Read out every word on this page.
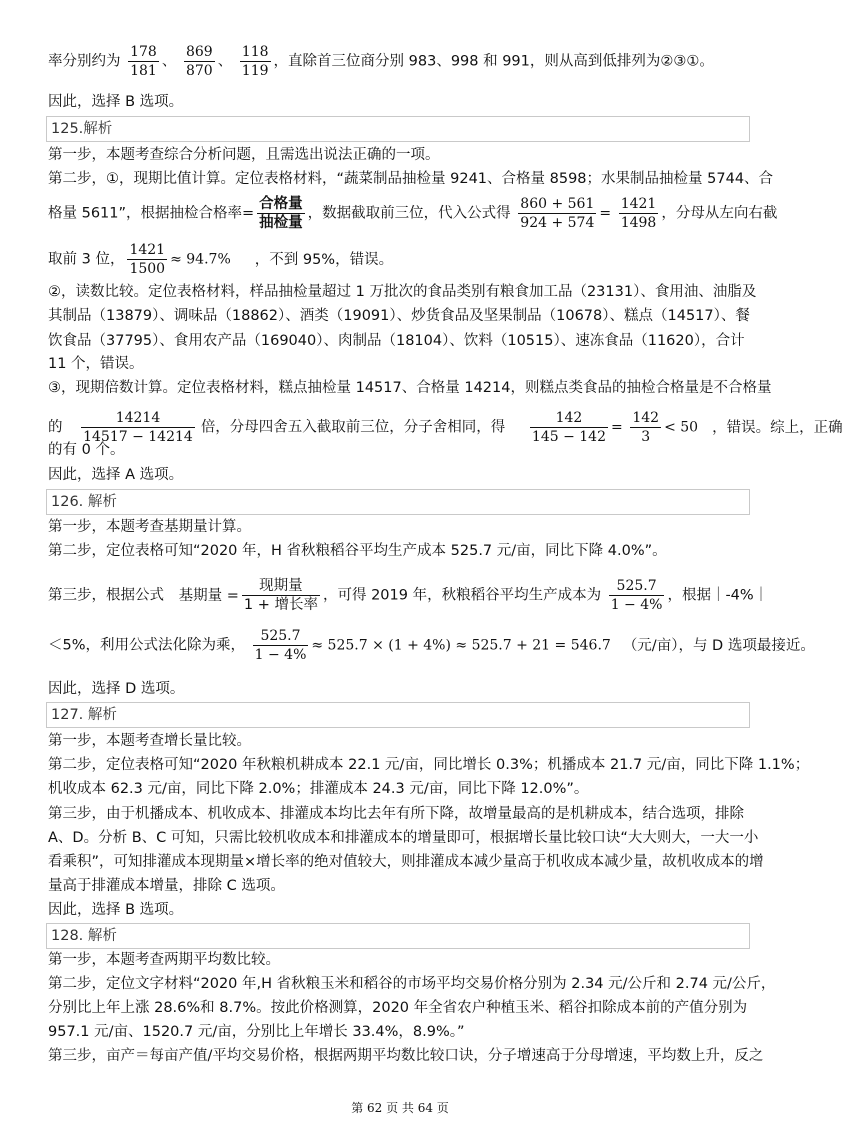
率分别约为 $\frac{178}{181}$ 、 $\frac{869}{870}$ 、 $\frac{118}{119}$ ，直除首三位商分别 983、998 和 991，则从高到低排列为②③①。
因此，选择 B 选项。
125.解析
第一步，本题考查综合分析问题，且需选出说法正确的一项。
第二步，①，现期比值计算。定位表格材料，“蔬菜制品抽检量 9241、合格量 8598；水果制品抽检量 5744、合
格量 5611”，根据抽检合格率= $\frac{\text{合格量}}{\text{抽检量}}$ ，数据截取前三位，代入公式得 $\frac{860 + 561}{924 + 574} = \frac{1421}{1498}$ ，分母从左向右截
取前 3 位， $\frac{1421}{1500} \approx 94.7\%$ ，不到 95%，错误。
②，读数比较。定位表格材料，样品抽检量超过 1 万批次的食品类别有粮食加工品（23131）、食用油、油脂及
其制品（13879）、调味品（18862）、酒类（19091）、炒货食品及坚果制品（10678）、糕点（14517）、餐
饮食品（37795）、食用农产品（169040）、肉制品（18104）、饮料（10515）、速冻食品（11620），合计
11 个，错误。
③，现期倍数计算。定位表格材料，糕点抽检量 14517、合格量 14214，则糕点类食品的抽检合格量是不合格量
的 $\frac{14214}{14517 - 14214}$ 倍，分母四舍五入截取前三位，分子舍相同，得 $\frac{142}{145 - 142} = \frac{142}{3} < 50$ ，错误。综上，正确
的有 0 个。
因此，选择 A 选项。
126. 解析
第一步，本题考查基期量计算。
第二步，定位表格可知“2020 年，H 省秋粮稻谷平均生产成本 525.7 元/亩，同比下降 4.0%”。
第三步，根据公式 基期量 = $\frac{\text{现期量}}{\text{1 + 增长率}}$ ，可得 2019 年，秋粮稻谷平均生产成本为 $\frac{525.7}{1 - 4\%}$ ，根据｜-4%｜
＜5%，利用公式法化除为乘， $\frac{525.7}{1 - 4\%} \approx 525.7 \times (1 + 4\%) \approx 525.7 + 21 = 546.7$ （元/亩），与 D 选项最接近。
因此，选择 D 选项。
127. 解析
第一步，本题考查增长量比较。
第二步，定位表格可知“2020 年秋粮机耕成本 22.1 元/亩，同比增长 0.3%；机播成本 21.7 元/亩，同比下降 1.1%；
机收成本 62.3 元/亩，同比下降 2.0%；排灌成本 24.3 元/亩，同比下降 12.0%”。
第三步，由于机播成本、机收成本、排灌成本均比去年有所下降，故增量最高的是机耕成本，结合选项，排除
A、D。分析 B、C 可知，只需比较机收成本和排灌成本的增量即可，根据增长量比较口诀“大大则大，一大一小
看乘积”，可知排灌成本现期量×增长率的绝对值较大，则排灌成本减少量高于机收成本减少量，故机收成本的增
量高于排灌成本增量，排除 C 选项。
因此，选择 B 选项。
128. 解析
第一步，本题考查两期平均数比较。
第二步，定位文字材料“2020 年,H 省秋粮玉米和稻谷的市场平均交易价格分别为 2.34 元/公斤和 2.74 元/公斤，
分别比上年上涨 28.6%和 8.7%。按此价格测算，2020 年全省农户种植玉米、稻谷扣除成本前的产值分别为
957.1 元/亩、1520.7 元/亩，分别比上年增长 33.4%，8.9%。”
第三步，亩产＝每亩产值/平均交易价格，根据两期平均数比较口诀，分子增速高于分母增速，平均数上升，反之
第 62 页 共 64 页
